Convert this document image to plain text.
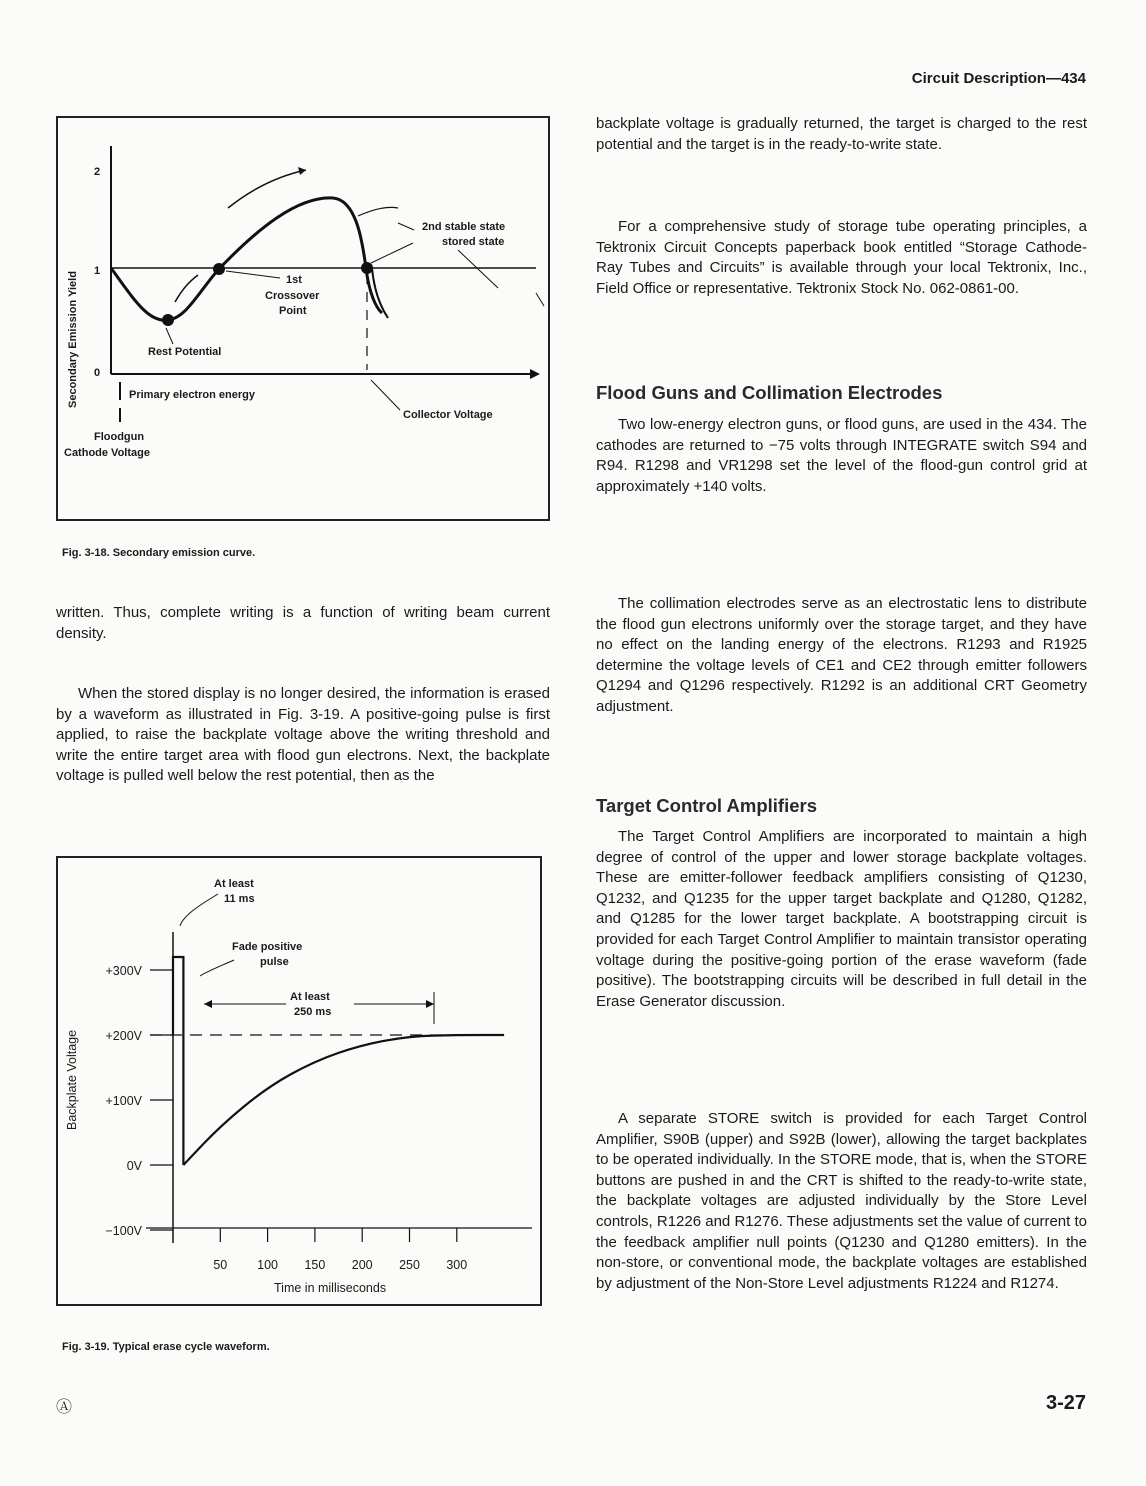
Circuit Description—434
Secondary Emission Yield
2
1
0
2nd stable state
stored state
1st
Crossover
Point
Rest Potential
Primary electron energy
Collector Voltage
Floodgun
Cathode Voltage
Fig. 3-18. Secondary emission curve.

written. Thus, complete writing is a function of writing beam current density.

When the stored display is no longer desired, the information is erased by a waveform as illustrated in Fig. 3-19. A positive-going pulse is first applied, to raise the backplate voltage above the writing threshold and write the entire target area with flood gun electrons. Next, the backplate voltage is pulled well below the rest potential, then as the

Backplate Voltage
+300V
+200V
+100V
0V
−100V
50 100 150 200 250 300
At least
11 ms
Fade positive
pulse
At least
250 ms
Time in milliseconds
Fig. 3-19. Typical erase cycle waveform.

backplate voltage is gradually returned, the target is charged to the rest potential and the target is in the ready-to-write state.

For a comprehensive study of storage tube operating principles, a Tektronix Circuit Concepts paperback book entitled “Storage Cathode-Ray Tubes and Circuits” is available through your local Tektronix, Inc., Field Office or representative. Tektronix Stock No. 062-0861-00.

Flood Guns and Collimation Electrodes

Two low-energy electron guns, or flood guns, are used in the 434. The cathodes are returned to −75 volts through INTEGRATE switch S94 and R94. R1298 and VR1298 set the level of the flood-gun control grid at approximately +140 volts.

The collimation electrodes serve as an electrostatic lens to distribute the flood gun electrons uniformly over the storage target, and they have no effect on the landing energy of the electrons. R1293 and R1925 determine the voltage levels of CE1 and CE2 through emitter followers Q1294 and Q1296 respectively. R1292 is an additional CRT Geometry adjustment.

Target Control Amplifiers

The Target Control Amplifiers are incorporated to maintain a high degree of control of the upper and lower storage backplate voltages. These are emitter-follower feedback amplifiers consisting of Q1230, Q1232, and Q1235 for the upper target backplate and Q1280, Q1282, and Q1285 for the lower target backplate. A bootstrapping circuit is provided for each Target Control Amplifier to maintain transistor operating voltage during the positive-going portion of the erase waveform (fade positive). The bootstrapping circuits will be described in full detail in the Erase Generator discussion.

A separate STORE switch is provided for each Target Control Amplifier, S90B (upper) and S92B (lower), allowing the target backplates to be operated individually. In the STORE mode, that is, when the STORE buttons are pushed in and the CRT is shifted to the ready-to-write state, the backplate voltages are adjusted individually by the Store Level controls, R1226 and R1276. These adjustments set the value of current to the feedback amplifier null points (Q1230 and Q1280 emitters). In the non-store, or conventional mode, the backplate voltages are established by adjustment of the Non-Store Level adjustments R1224 and R1274.

Ⓐ	3-27
